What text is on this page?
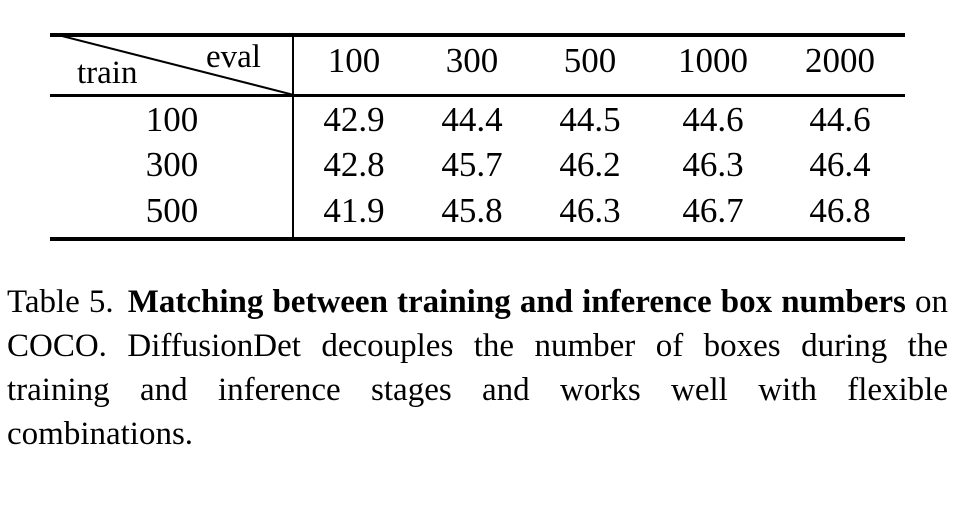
eval
train	100	300	500	1000	2000
100	42.9	44.4	44.5	44.6	44.6
300	42.8	45.7	46.2	46.3	46.4
500	41.9	45.8	46.3	46.7	46.8
Table 5. Matching between training and inference box numbers on COCO. DiffusionDet decouples the number of boxes during the training and inference stages and works well with flexible combinations.
